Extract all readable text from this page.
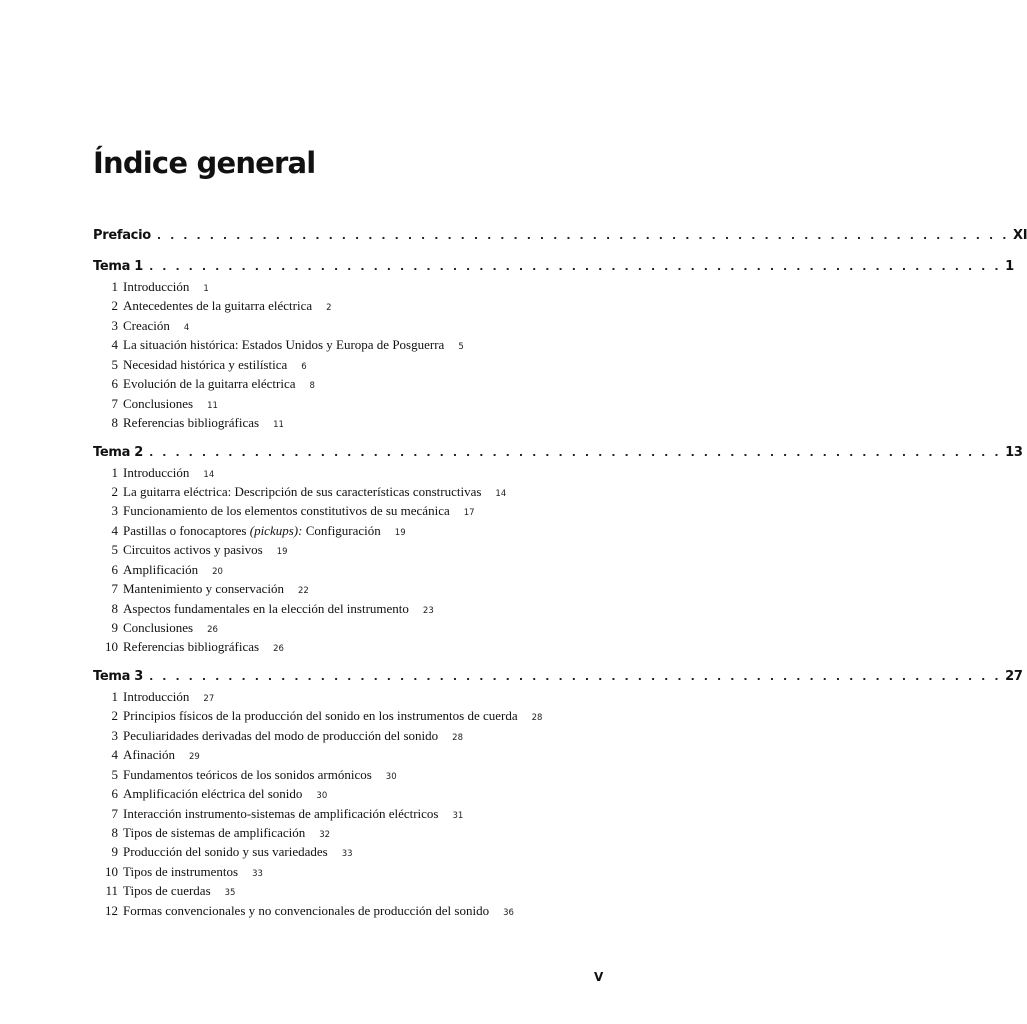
Índice general
Prefacio . . . . . . . . . . . . . . . . . . . . . . . . . . . . . . . . . . . . . . . . . . . . . . . . . . . . . . . . . . . . . . . . . XI
Tema 1 . . . . . . . . . . . . . . . . . . . . . . . . . . . . . . . . . . . . . . . . . . . . . . . . . . . . . . . . . . . . . . . . . 1
1 Introducción	1
2 Antecedentes de la guitarra eléctrica	2
3 Creación	4
4 La situación histórica: Estados Unidos y Europa de Posguerra	5
5 Necesidad histórica y estilística	6
6 Evolución de la guitarra eléctrica	8
7 Conclusiones	11
8 Referencias bibliográficas	11
Tema 2 . . . . . . . . . . . . . . . . . . . . . . . . . . . . . . . . . . . . . . . . . . . . . . . . . . . . . . . . . . . . . . . . . 13
1 Introducción	14
2 La guitarra eléctrica: Descripción de sus características constructivas	14
3 Funcionamiento de los elementos constitutivos de su mecánica	17
4 Pastillas o fonocaptores (pickups): Configuración	19
5 Circuitos activos y pasivos	19
6 Amplificación	20
7 Mantenimiento y conservación	22
8 Aspectos fundamentales en la elección del instrumento	23
9 Conclusiones	26
10 Referencias bibliográficas	26
Tema 3 . . . . . . . . . . . . . . . . . . . . . . . . . . . . . . . . . . . . . . . . . . . . . . . . . . . . . . . . . . . . . . . . . 27
1 Introducción	27
2 Principios físicos de la producción del sonido en los instrumentos de cuerda	28
3 Peculiaridades derivadas del modo de producción del sonido	28
4 Afinación	29
5 Fundamentos teóricos de los sonidos armónicos	30
6 Amplificación eléctrica del sonido	30
7 Interacción instrumento-sistemas de amplificación eléctricos	31
8 Tipos de sistemas de amplificación	32
9 Producción del sonido y sus variedades	33
10 Tipos de instrumentos	33
11 Tipos de cuerdas	35
12 Formas convencionales y no convencionales de producción del sonido	36
V
